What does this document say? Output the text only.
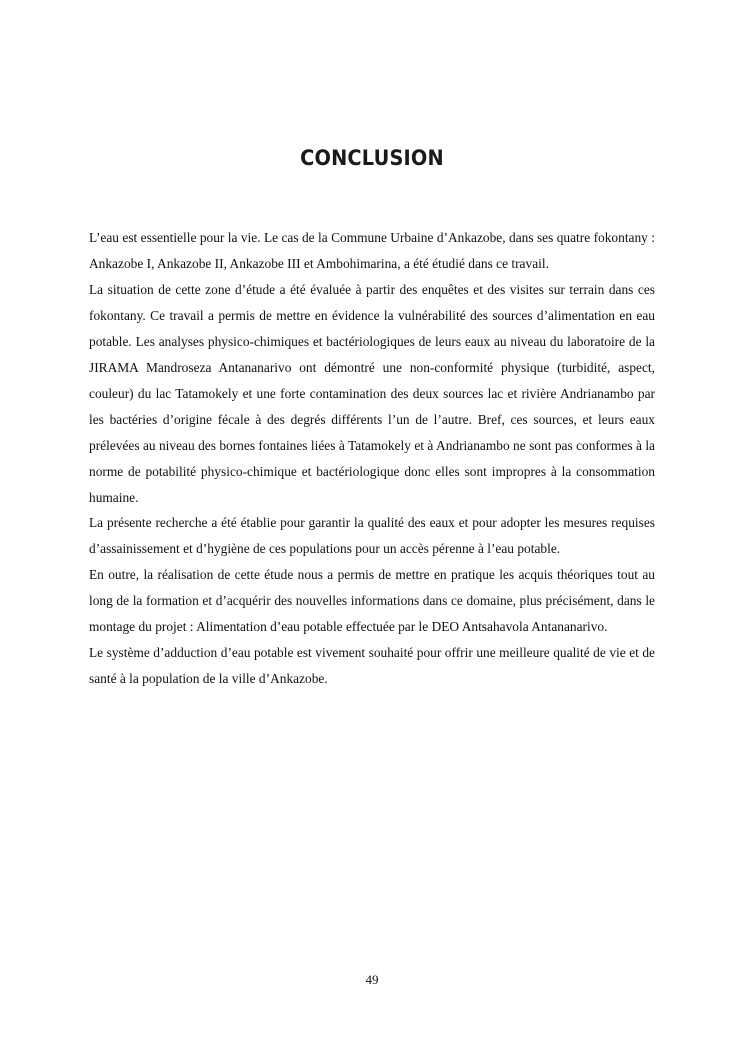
CONCLUSION

L’eau est essentielle pour la vie. Le cas de la Commune Urbaine d’Ankazobe, dans ses quatre fokontany : Ankazobe I, Ankazobe II, Ankazobe III et Ambohimarina, a été étudié dans ce travail.

La situation de cette zone d’étude a été évaluée à partir des enquêtes et des visites sur terrain dans ces fokontany. Ce travail a permis de mettre en évidence la vulnérabilité des sources d’alimentation en eau potable. Les analyses physico-chimiques et bactériologiques de leurs eaux au niveau du laboratoire de la JIRAMA Mandroseza Antananarivo ont démontré une non-conformité physique (turbidité, aspect, couleur) du lac Tatamokely et une forte contamination des deux sources lac et rivière Andrianambo par les bactéries d’origine fécale à des degrés différents l’un de l’autre. Bref, ces sources, et leurs eaux prélevées au niveau des bornes fontaines liées à Tatamokely et à Andrianambo ne sont pas conformes à la norme de potabilité physico-chimique et bactériologique donc elles sont impropres à la consommation humaine.

La présente recherche a été établie pour garantir la qualité des eaux et pour adopter les mesures requises d’assainissement et d’hygiène de ces populations pour un accès pérenne à l’eau potable.

En outre, la réalisation de cette étude nous a permis de mettre en pratique les acquis théoriques tout au long de la formation et d’acquérir des nouvelles informations dans ce domaine, plus précisément, dans le montage du projet : Alimentation d’eau potable effectuée par le DEO Antsahavola Antananarivo.

Le système d’adduction d’eau potable est vivement souhaité pour offrir une meilleure qualité de vie et de santé à la population de la ville d’Ankazobe.

49
